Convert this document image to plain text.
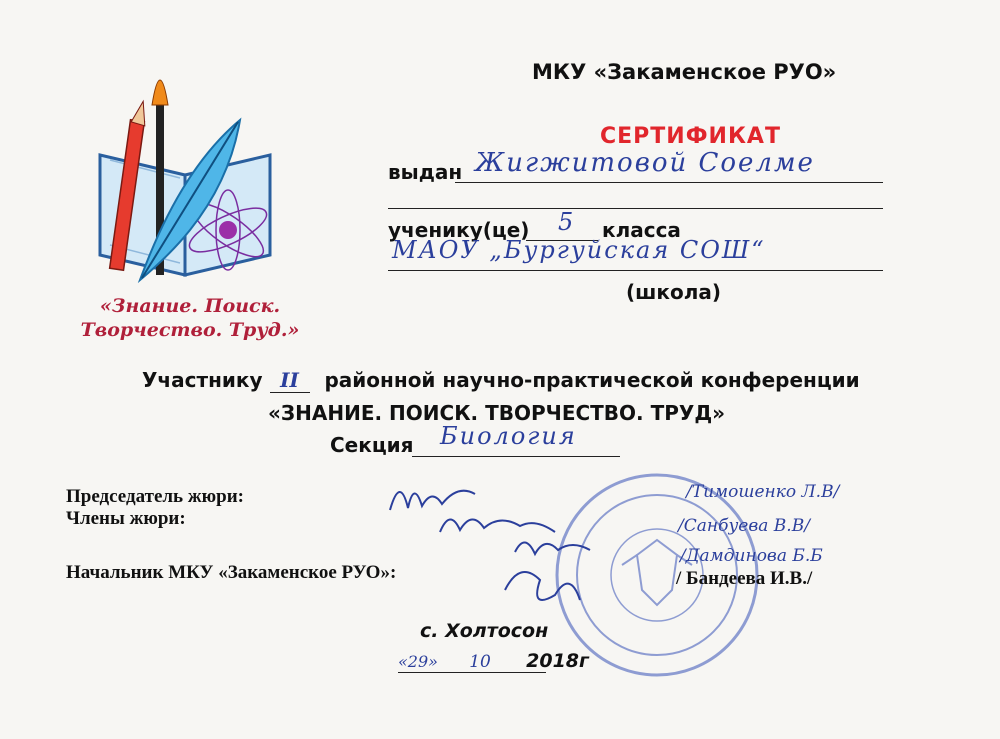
«Знание. Поиск.
Творчество. Труд.»
МКУ «Закаменское РУО»
СЕРТИФИКАТ
выдан Жигжитовой Соелме
ученику(це) 5 класса
МАОУ „Бургуйская СОШ“
(школа)
Участнику II районной научно-практической конференции
«ЗНАНИЕ. ПОИСК. ТВОРЧЕСТВО. ТРУД»
Секция Биология
Председатель жюри:
Члены жюри:
Начальник МКУ «Закаменское РУО»:
/Тимошенко Л.В/
/Санбуева В.В/
/Дамдинова Б.Б
/ Бандеева И.В./
с. Холтосон
«29» 10 2018г
